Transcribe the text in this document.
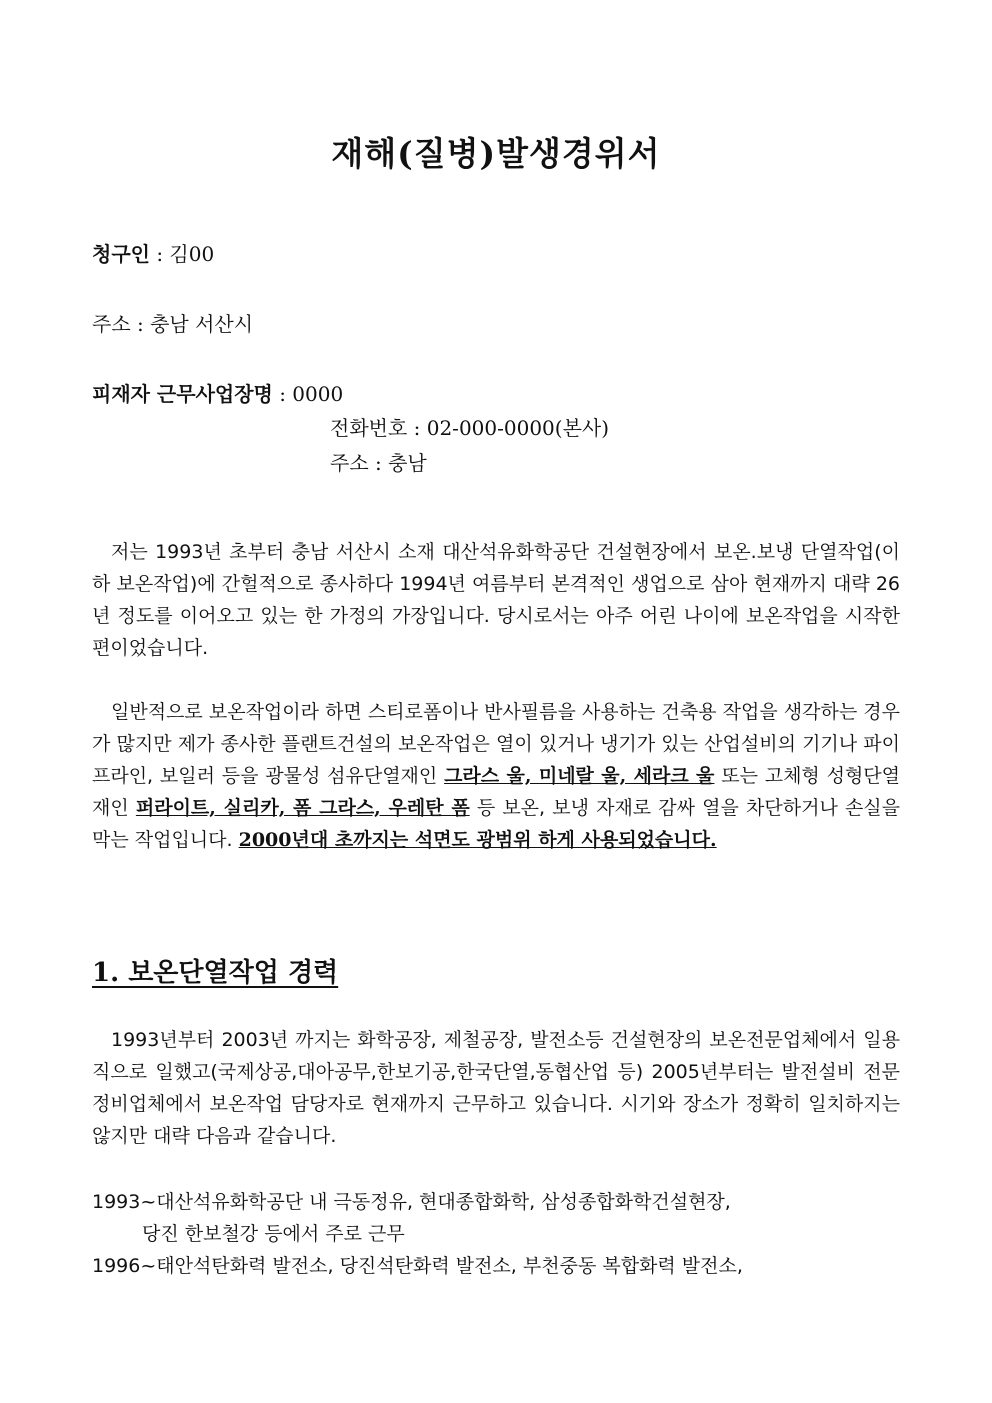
재해(질병)발생경위서
청구인 : 김00
주소 : 충남 서산시
피재자 근무사업장명 : 0000
전화번호 : 02-000-0000(본사)
주소 : 충남
저는 1993년 초부터 충남 서산시 소재 대산석유화학공단 건설현장에서 보온.보냉 단열작업(이하 보온작업)에 간헐적으로 종사하다 1994년 여름부터 본격적인 생업으로 삼아 현재까지 대략 26년 정도를 이어오고 있는 한 가정의 가장입니다. 당시로서는 아주 어린 나이에 보온작업을 시작한 편이었습니다.
일반적으로 보온작업이라 하면 스티로폼이나 반사필름을 사용하는 건축용 작업을 생각하는 경우가 많지만 제가 종사한 플랜트건설의 보온작업은 열이 있거나 냉기가 있는 산업설비의 기기나 파이프라인, 보일러 등을 광물성 섬유단열재인 그라스 울, 미네랄 울, 세라크 울 또는 고체형 성형단열재인 퍼라이트, 실리카, 폼 그라스, 우레탄 폼 등 보온, 보냉 자재로 감싸 열을 차단하거나 손실을 막는 작업입니다. 2000년대 초까지는 석면도 광범위 하게 사용되었습니다.
1. 보온단열작업 경력
1993년부터 2003년 까지는 화학공장, 제철공장, 발전소등 건설현장의 보온전문업체에서 일용직으로 일했고(국제상공,대아공무,한보기공,한국단열,동협산업 등) 2005년부터는 발전설비 전문정비업체에서 보온작업 담당자로 현재까지 근무하고 있습니다. 시기와 장소가 정확히 일치하지는 않지만 대략 다음과 같습니다.
1993~대산석유화학공단 내 극동정유, 현대종합화학, 삼성종합화학건설현장,
당진 한보철강 등에서 주로 근무
1996~태안석탄화력 발전소, 당진석탄화력 발전소, 부천중동 복합화력 발전소,
